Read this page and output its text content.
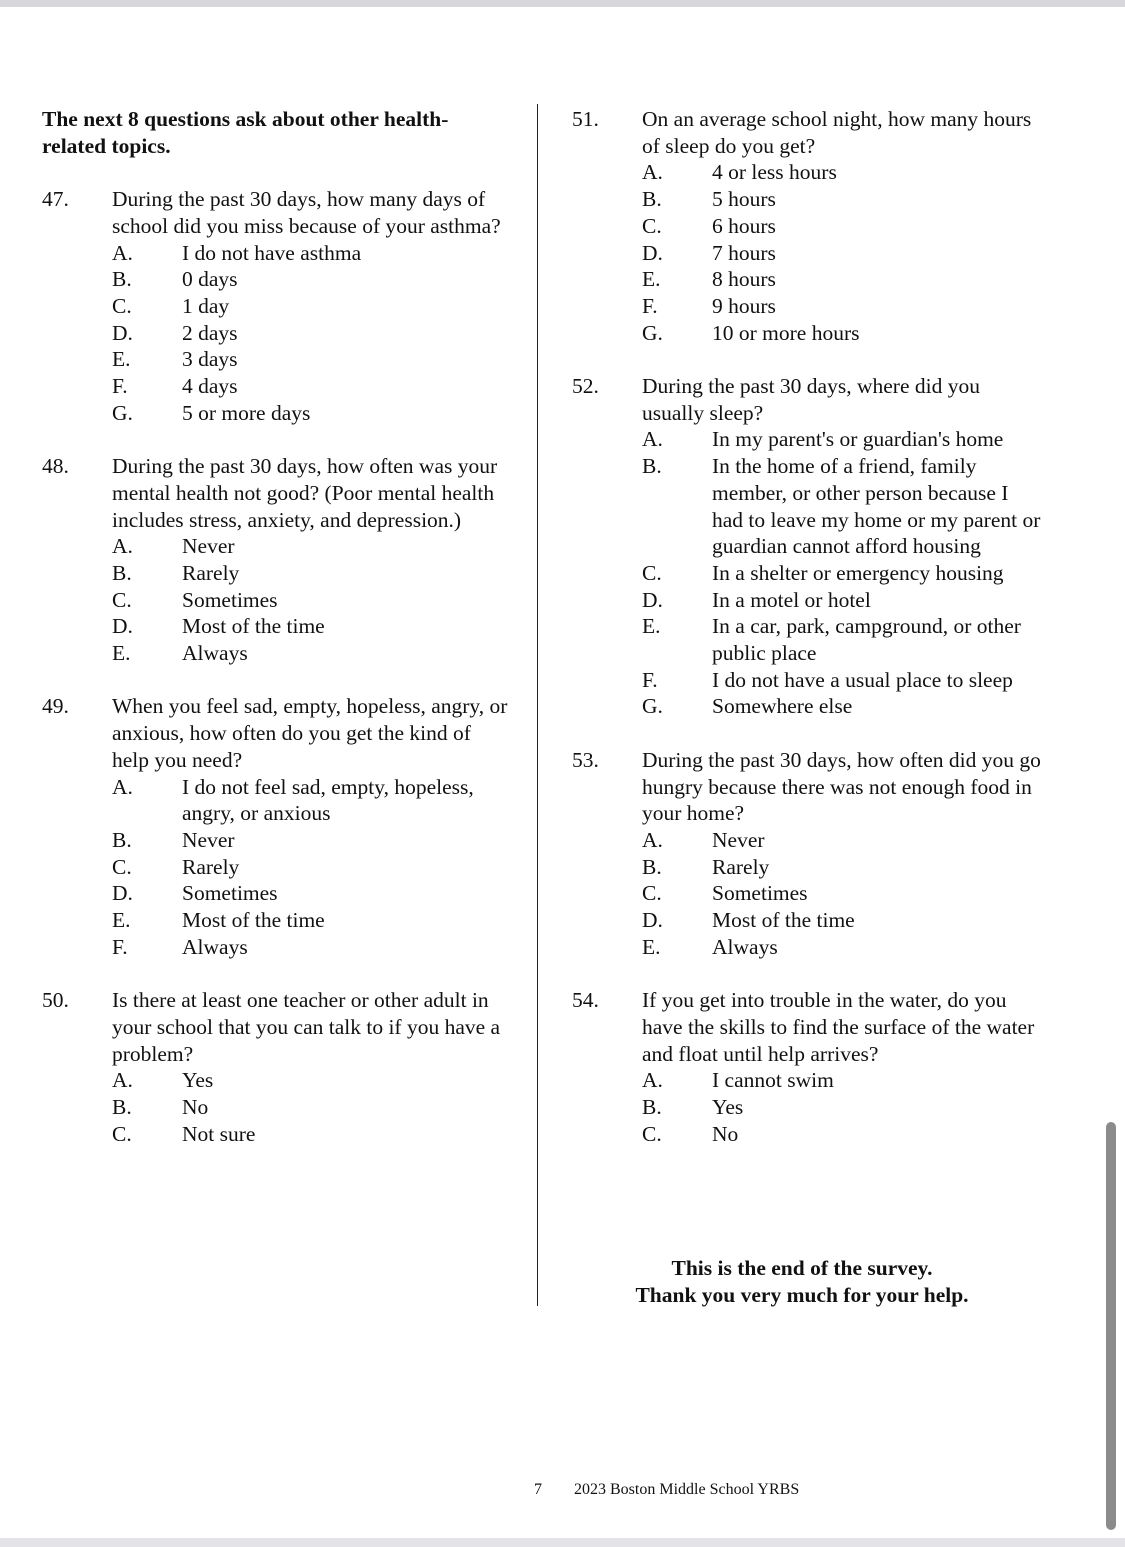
The next 8 questions ask about other health-related topics.
47.	During the past 30 days, how many days of school did you miss because of your asthma?
A.	I do not have asthma
B.	0 days
C.	1 day
D.	2 days
E.	3 days
F.	4 days
G.	5 or more days
48.	During the past 30 days, how often was your mental health not good? (Poor mental health includes stress, anxiety, and depression.)
A.	Never
B.	Rarely
C.	Sometimes
D.	Most of the time
E.	Always
49.	When you feel sad, empty, hopeless, angry, or anxious, how often do you get the kind of help you need?
A.	I do not feel sad, empty, hopeless, angry, or anxious
B.	Never
C.	Rarely
D.	Sometimes
E.	Most of the time
F.	Always
50.	Is there at least one teacher or other adult in your school that you can talk to if you have a problem?
A.	Yes
B.	No
C.	Not sure
51.	On an average school night, how many hours of sleep do you get?
A.	4 or less hours
B.	5 hours
C.	6 hours
D.	7 hours
E.	8 hours
F.	9 hours
G.	10 or more hours
52.	During the past 30 days, where did you usually sleep?
A.	In my parent's or guardian's home
B.	In the home of a friend, family member, or other person because I had to leave my home or my parent or guardian cannot afford housing
C.	In a shelter or emergency housing
D.	In a motel or hotel
E.	In a car, park, campground, or other public place
F.	I do not have a usual place to sleep
G.	Somewhere else
53.	During the past 30 days, how often did you go hungry because there was not enough food in your home?
A.	Never
B.	Rarely
C.	Sometimes
D.	Most of the time
E.	Always
54.	If you get into trouble in the water, do you have the skills to find the surface of the water and float until help arrives?
A.	I cannot swim
B.	Yes
C.	No
This is the end of the survey.
Thank you very much for your help.
7 2023 Boston Middle School YRBS
